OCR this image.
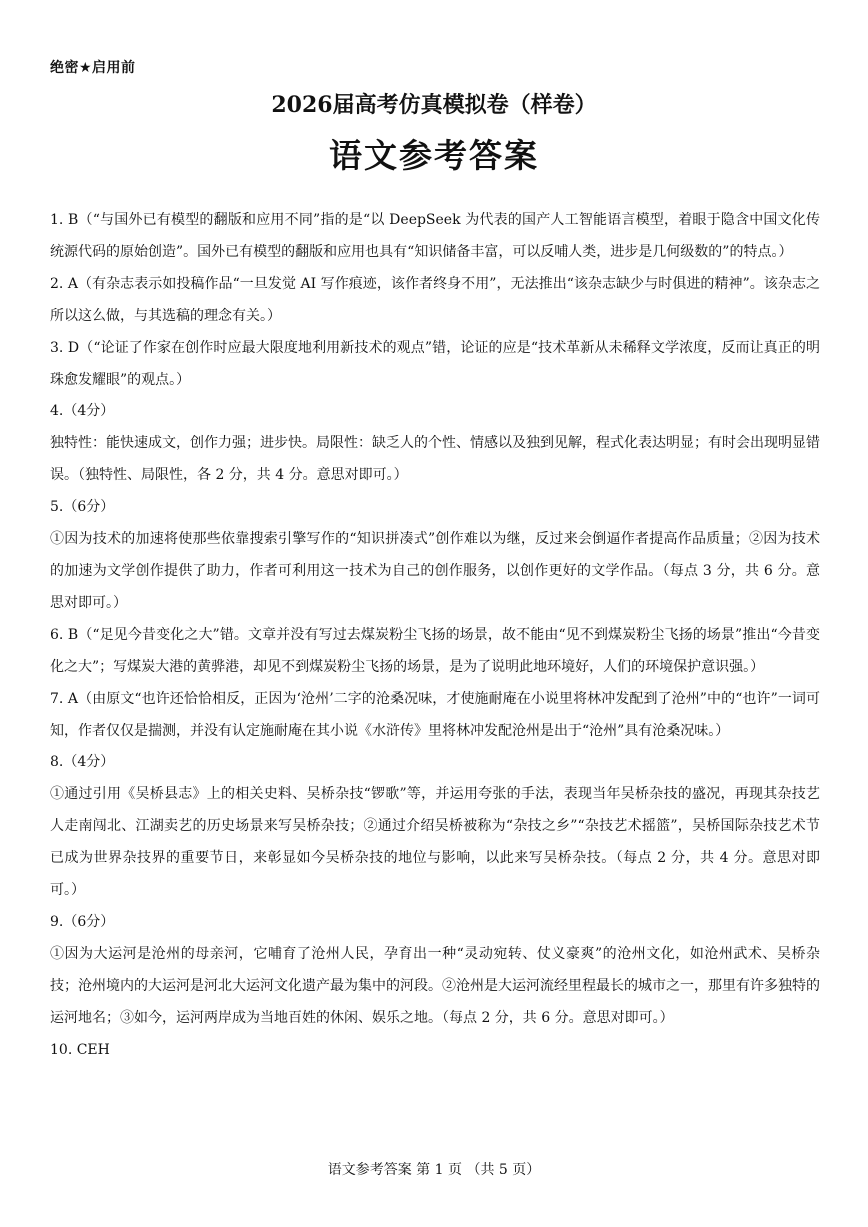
绝密★启用前
2026届高考仿真模拟卷（样卷）
语文参考答案

1. B（“与国外已有模型的翻版和应用不同”指的是“以 DeepSeek 为代表的国产人工智能语言模型，着眼于隐含中国文化传统源代码的原始创造”。国外已有模型的翻版和应用也具有“知识储备丰富，可以反哺人类，进步是几何级数的”的特点。）

2. A（有杂志表示如投稿作品“一旦发觉 AI 写作痕迹，该作者终身不用”，无法推出“该杂志缺少与时俱进的精神”。该杂志之所以这么做，与其选稿的理念有关。）

3. D（“论证了作家在创作时应最大限度地利用新技术的观点”错，论证的应是“技术革新从未稀释文学浓度，反而让真正的明珠愈发耀眼”的观点。）

4.（4分）

独特性：能快速成文，创作力强；进步快。局限性：缺乏人的个性、情感以及独到见解，程式化表达明显；有时会出现明显错误。（独特性、局限性，各 2 分，共 4 分。意思对即可。）

5.（6分）

①因为技术的加速将使那些依靠搜索引擎写作的“知识拼凑式”创作难以为继，反过来会倒逼作者提高作品质量；②因为技术的加速为文学创作提供了助力，作者可利用这一技术为自己的创作服务，以创作更好的文学作品。（每点 3 分，共 6 分。意思对即可。）

6. B（“足见今昔变化之大”错。文章并没有写过去煤炭粉尘飞扬的场景，故不能由“见不到煤炭粉尘飞扬的场景”推出“今昔变化之大”；写煤炭大港的黄骅港，却见不到煤炭粉尘飞扬的场景，是为了说明此地环境好，人们的环境保护意识强。）

7. A（由原文“也许还恰恰相反，正因为‘沧州’二字的沧桑况味，才使施耐庵在小说里将林冲发配到了沧州”中的“也许”一词可知，作者仅仅是揣测，并没有认定施耐庵在其小说《水浒传》里将林冲发配沧州是出于“沧州”具有沧桑况味。）

8.（4分）

①通过引用《吴桥县志》上的相关史料、吴桥杂技“锣歌”等，并运用夸张的手法，表现当年吴桥杂技的盛况，再现其杂技艺人走南闯北、江湖卖艺的历史场景来写吴桥杂技；②通过介绍吴桥被称为“杂技之乡”“杂技艺术摇篮”，吴桥国际杂技艺术节已成为世界杂技界的重要节日，来彰显如今吴桥杂技的地位与影响，以此来写吴桥杂技。（每点 2 分，共 4 分。意思对即可。）

9.（6分）

①因为大运河是沧州的母亲河，它哺育了沧州人民，孕育出一种“灵动宛转、仗义豪爽”的沧州文化，如沧州武术、吴桥杂技；沧州境内的大运河是河北大运河文化遗产最为集中的河段。②沧州是大运河流经里程最长的城市之一，那里有许多独特的运河地名；③如今，运河两岸成为当地百姓的休闲、娱乐之地。（每点 2 分，共 6 分。意思对即可。）

10. CEH

语文参考答案 第 1 页 （共 5 页）
